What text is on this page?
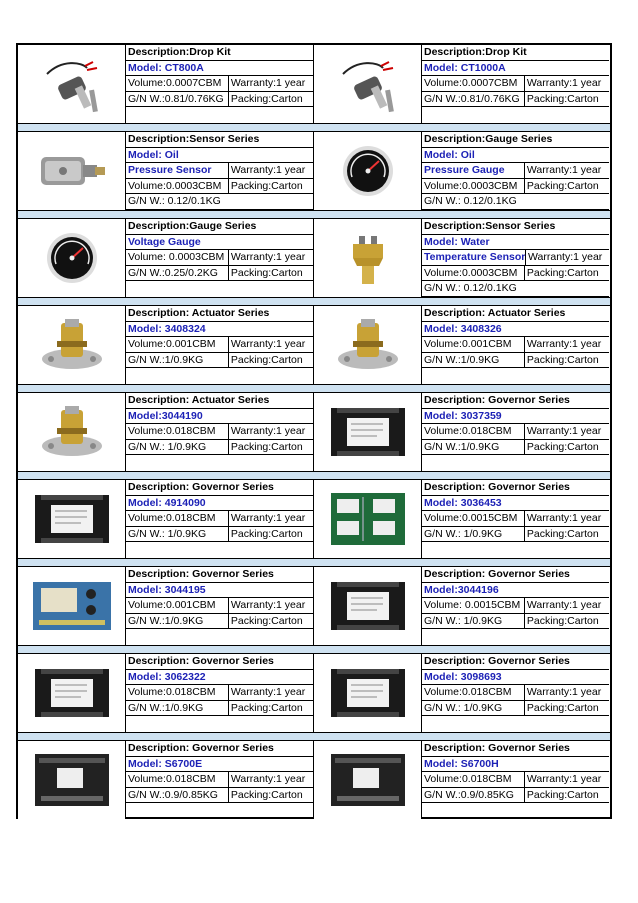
Description:Drop Kit
Model: CT800A
Volume:0.0007CBM Warranty:1 year
G/N W.:0.81/0.76KG Packing:Carton
Description:Drop Kit
Model: CT1000A
Volume:0.0007CBM Warranty:1 year
G/N W.:0.81/0.76KG Packing:Carton
Description:Sensor Series
Model: Oil
Pressure Sensor	Warranty:1 year
Volume:0.0003CBM Packing:Carton
G/N W.: 0.12/0.1KG
Description:Gauge Series
Model: Oil
Pressure Gauge	Warranty:1 year
Volume:0.0003CBM Packing:Carton
G/N W.: 0.12/0.1KG
Description:Gauge Series
Voltage Gauge
Volume: 0.0003CBM Warranty:1 year
G/N W.:0.25/0.2KG	Packing:Carton
Description:Sensor Series
Model: Water
Temperature Sensor Warranty:1 year
Volume:0.0003CBM Packing:Carton
G/N W.: 0.12/0.1KG
Description: Actuator Series
Model: 3408324
Volume:0.001CBM	Warranty:1 year
G/N W.:1/0.9KG	Packing:Carton
Description: Actuator Series
Model: 3408326
Volume:0.001CBM	Warranty:1 year
G/N W.:1/0.9KG	Packing:Carton
Description: Actuator Series
Model:3044190
Volume:0.018CBM	Warranty:1 year
G/N W.: 1/0.9KG	Packing:Carton
Description: Governor Series
Model: 3037359
Volume:0.018CBM	Warranty:1 year
G/N W.:1/0.9KG	Packing:Carton
Description: Governor Series
Model: 4914090
Volume:0.018CBM	Warranty:1 year
G/N W.: 1/0.9KG	Packing:Carton
Description: Governor Series
Model: 3036453
Volume:0.0015CBM Warranty:1 year
G/N W.: 1/0.9KG	Packing:Carton
Description: Governor Series
Model: 3044195
Volume:0.001CBM	Warranty:1 year
G/N W.:1/0.9KG	Packing:Carton
Description: Governor Series
Model:3044196
Volume: 0.0015CBM Warranty:1 year
G/N W.: 1/0.9KG	Packing:Carton
Description: Governor Series
Model: 3062322
Volume:0.018CBM	Warranty:1 year
G/N W.:1/0.9KG	Packing:Carton
Description: Governor Series
Model: 3098693
Volume:0.018CBM	Warranty:1 year
G/N W.: 1/0.9KG	Packing:Carton
Description: Governor Series
Model: S6700E
Volume:0.018CBM	Warranty:1 year
G/N W.:0.9/0.85KG	Packing:Carton
Description: Governor Series
Model: S6700H
Volume:0.018CBM	Warranty:1 year
G/N W.:0.9/0.85KG	Packing:Carton
